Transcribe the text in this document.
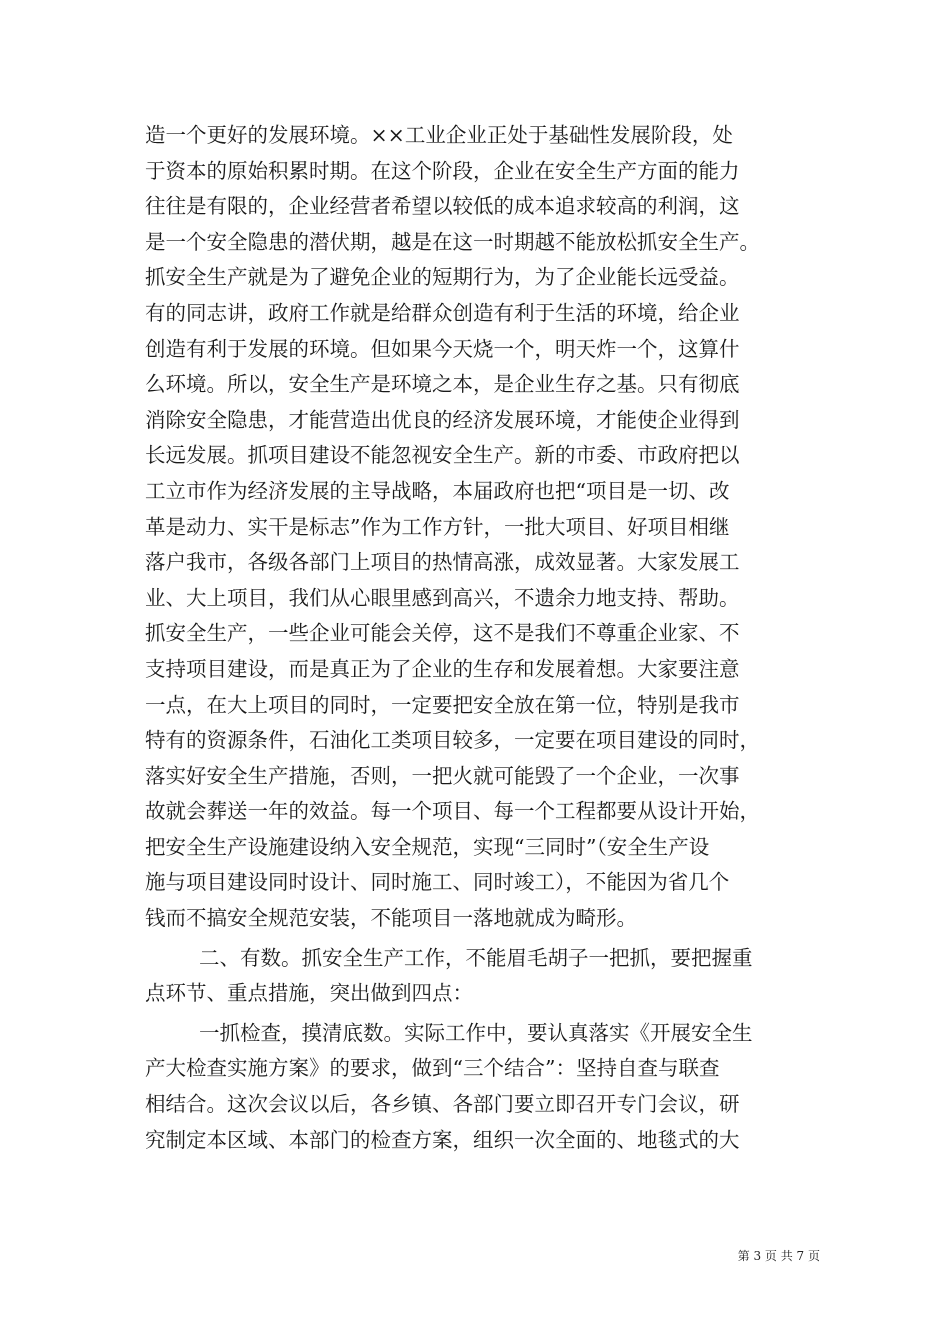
造一个更好的发展环境。××工业企业正处于基础性发展阶段，处
于资本的原始积累时期。在这个阶段，企业在安全生产方面的能力
往往是有限的，企业经营者希望以较低的成本追求较高的利润，这
是一个安全隐患的潜伏期，越是在这一时期越不能放松抓安全生产。
抓安全生产就是为了避免企业的短期行为，为了企业能长远受益。
有的同志讲，政府工作就是给群众创造有利于生活的环境，给企业
创造有利于发展的环境。但如果今天烧一个，明天炸一个，这算什
么环境。所以，安全生产是环境之本，是企业生存之基。只有彻底
消除安全隐患，才能营造出优良的经济发展环境，才能使企业得到
长远发展。抓项目建设不能忽视安全生产。新的市委、市政府把以
工立市作为经济发展的主导战略，本届政府也把“项目是一切、改
革是动力、实干是标志”作为工作方针，一批大项目、好项目相继
落户我市，各级各部门上项目的热情高涨，成效显著。大家发展工
业、大上项目，我们从心眼里感到高兴，不遗余力地支持、帮助。
抓安全生产，一些企业可能会关停，这不是我们不尊重企业家、不
支持项目建设，而是真正为了企业的生存和发展着想。大家要注意
一点，在大上项目的同时，一定要把安全放在第一位，特别是我市
特有的资源条件，石油化工类项目较多，一定要在项目建设的同时，
落实好安全生产措施，否则，一把火就可能毁了一个企业，一次事
故就会葬送一年的效益。每一个项目、每一个工程都要从设计开始，
把安全生产设施建设纳入安全规范，实现“三同时”（安全生产设
施与项目建设同时设计、同时施工、同时竣工），不能因为省几个
钱而不搞安全规范安装，不能项目一落地就成为畸形。
二、有数。抓安全生产工作，不能眉毛胡子一把抓，要把握重
点环节、重点措施，突出做到四点：
一抓检查，摸清底数。实际工作中，要认真落实《开展安全生
产大检查实施方案》的要求，做到“三个结合”：坚持自查与联查
相结合。这次会议以后，各乡镇、各部门要立即召开专门会议，研
究制定本区域、本部门的检查方案，组织一次全面的、地毯式的大
第 3 页 共 7 页
